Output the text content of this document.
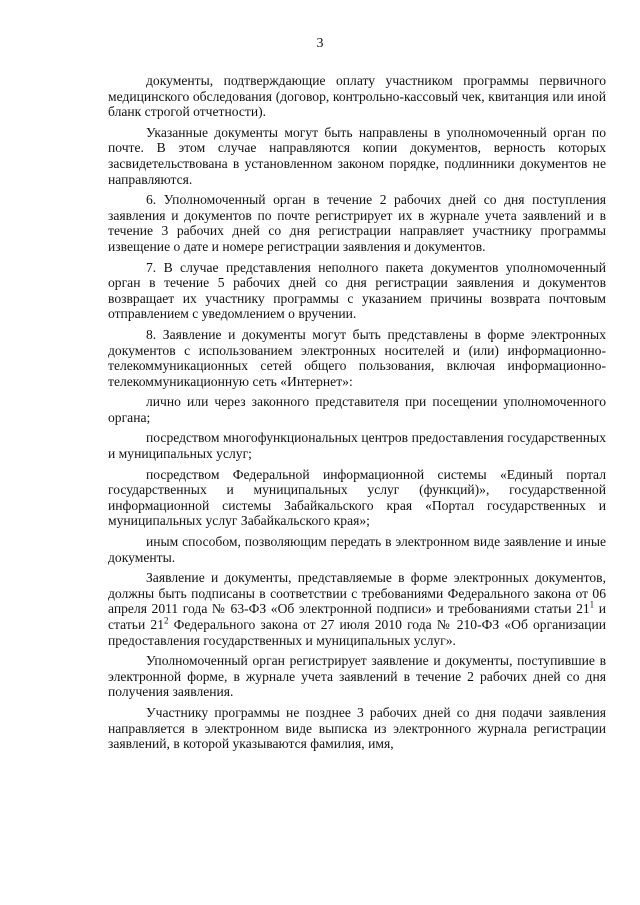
3

документы, подтверждающие оплату участником программы первичного медицинского обследования (договор, контрольно-кассовый чек, квитанция или иной бланк строгой отчетности).

Указанные документы могут быть направлены в уполномоченный орган по почте. В этом случае направляются копии документов, верность которых засвидетельствована в установленном законом порядке, подлинники документов не направляются.

6. Уполномоченный орган в течение 2 рабочих дней со дня поступления заявления и документов по почте регистрирует их в журнале учета заявлений и в течение 3 рабочих дней со дня регистрации направляет участнику программы извещение о дате и номере регистрации заявления и документов.

7. В случае представления неполного пакета документов уполномоченный орган в течение 5 рабочих дней со дня регистрации заявления и документов возвращает их участнику программы с указанием причины возврата почтовым отправлением с уведомлением о вручении.

8. Заявление и документы могут быть представлены в форме электронных документов с использованием электронных носителей и (или) информационно-телекоммуникационных сетей общего пользования, включая информационно-телекоммуникационную сеть «Интернет»:

лично или через законного представителя при посещении уполномоченного органа;

посредством многофункциональных центров предоставления государственных и муниципальных услуг;

посредством Федеральной информационной системы «Единый портал государственных и муниципальных услуг (функций)», государственной информационной системы Забайкальского края «Портал государственных и муниципальных услуг Забайкальского края»;

иным способом, позволяющим передать в электронном виде заявление и иные документы.

Заявление и документы, представляемые в форме электронных документов, должны быть подписаны в соответствии с требованиями Федерального закона от 06 апреля 2011 года № 63-ФЗ «Об электронной подписи» и требованиями статьи $21^1$ и статьи $21^2$ Федерального закона от 27 июля 2010 года № 210-ФЗ «Об организации предоставления государственных и муниципальных услуг».

Уполномоченный орган регистрирует заявление и документы, поступившие в электронной форме, в журнале учета заявлений в течение 2 рабочих дней со дня получения заявления.

Участнику программы не позднее 3 рабочих дней со дня подачи заявления направляется в электронном виде выписка из электронного журнала регистрации заявлений, в которой указываются фамилия, имя,
